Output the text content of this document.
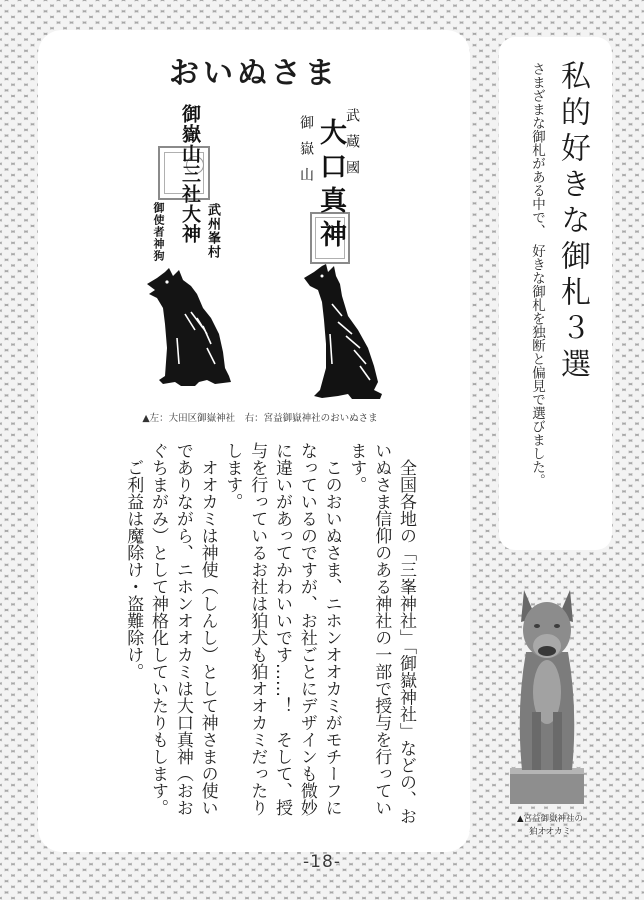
おいぬさま
御嶽山三社大神 武州峯村
御使者神狗
御嶽山 武蔵國
大口真神
▲左：大田区御嶽神社　右：宮益御嶽神社のおいぬさま
全国各地の「三峯神社」「御嶽神社」などの、お
いぬさま信仰のある神社の一部で授与を行ってい
ます。
このおいぬさま、ニホンオオカミがモチーフに
なっているのですが、お社ごとにデザインも微妙
に違いがあってかわいいです……！　そして、授
与を行っているお社は狛犬も狛オオカミだったり
します。
オオカミは神使（しんし）として神さまの使い
でありながら、ニホンオオカミは大口真神（おお
ぐちまがみ）として神格化していたりもします。
ご利益は魔除け・盗難除け。
私的好きな御札３選
さまざまな御札がある中で、　好きな御札を独断と偏見で選びました。
▲宮益御嶽神社の
狛オオカミ
-18-
